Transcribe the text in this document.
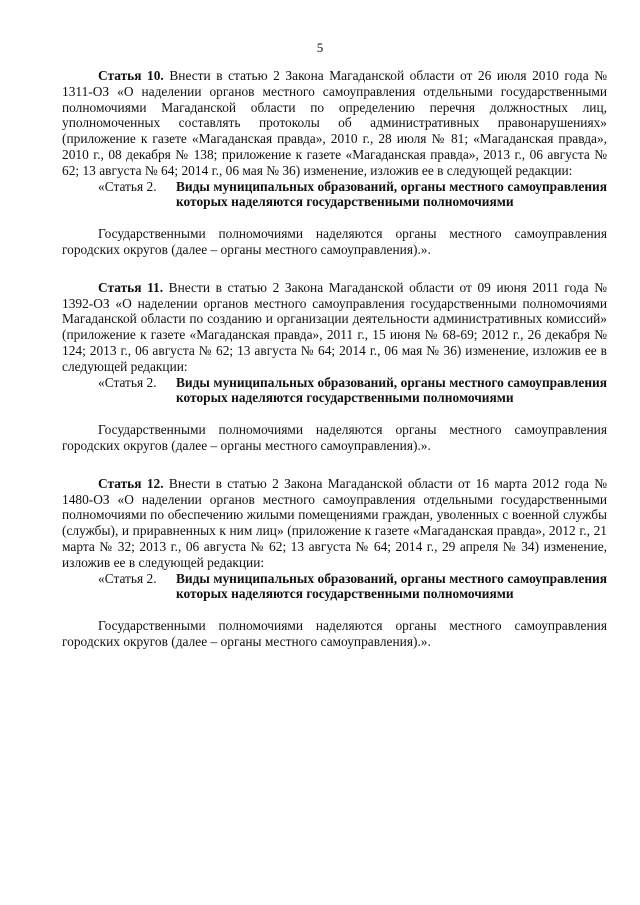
5

Статья 10. Внести в статью 2 Закона Магаданской области от 26 июля 2010 года № 1311-ОЗ «О наделении органов местного самоуправления отдельными государственными полномочиями Магаданской области по определению перечня должностных лиц, уполномоченных составлять протоколы об административных правонарушениях» (приложение к газете «Магаданская правда», 2010 г., 28 июля № 81; «Магаданская правда», 2010 г., 08 декабря № 138; приложение к газете «Магаданская правда», 2013 г., 06 августа № 62; 13 августа № 64; 2014 г., 06 мая № 36) изменение, изложив ее в следующей редакции:

«Статья 2.	Виды муниципальных образований, органы местного самоуправления которых наделяются государственными полномочиями

Государственными полномочиями наделяются органы местного самоуправления городских округов (далее – органы местного самоуправления).».

Статья 11. Внести в статью 2 Закона Магаданской области от 09 июня 2011 года № 1392-ОЗ «О наделении органов местного самоуправления государственными полномочиями Магаданской области по созданию и организации деятельности административных комиссий» (приложение к газете «Магаданская правда», 2011 г., 15 июня № 68-69; 2012 г., 26 декабря № 124; 2013 г., 06 августа № 62; 13 августа № 64; 2014 г., 06 мая № 36) изменение, изложив ее в следующей редакции:

«Статья 2.	Виды муниципальных образований, органы местного самоуправления которых наделяются государственными полномочиями

Государственными полномочиями наделяются органы местного самоуправления городских округов (далее – органы местного самоуправления).».

Статья 12. Внести в статью 2 Закона Магаданской области от 16 марта 2012 года № 1480-ОЗ «О наделении органов местного самоуправления отдельными государственными полномочиями по обеспечению жилыми помещениями граждан, уволенных с военной службы (службы), и приравненных к ним лиц» (приложение к газете «Магаданская правда», 2012 г., 21 марта № 32; 2013 г., 06 августа № 62; 13 августа № 64; 2014 г., 29 апреля № 34) изменение, изложив ее в следующей редакции:

«Статья 2.	Виды муниципальных образований, органы местного самоуправления которых наделяются государственными полномочиями

Государственными полномочиями наделяются органы местного самоуправления городских округов (далее – органы местного самоуправления).».
